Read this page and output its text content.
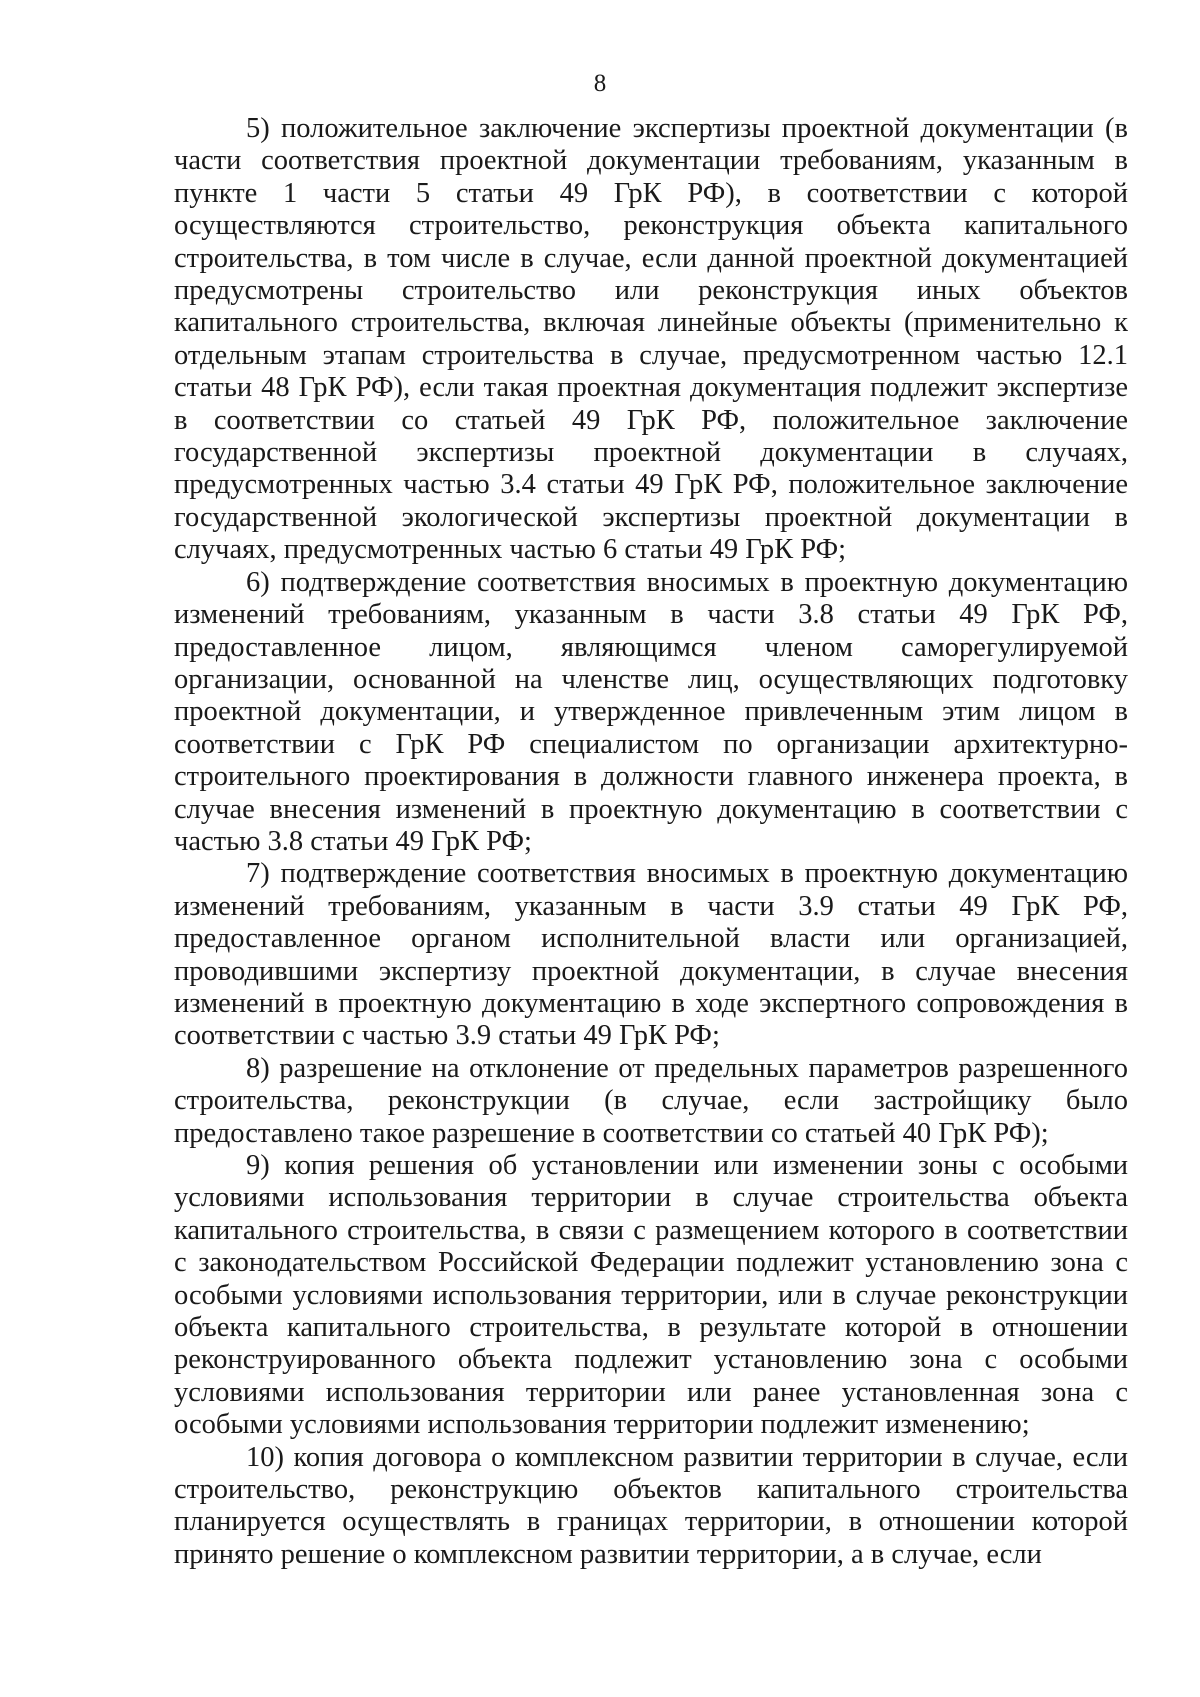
8

5) положительное заключение экспертизы проектной документации (в части соответствия проектной документации требованиям, указанным в пункте 1 части 5 статьи 49 ГрК РФ), в соответствии с которой осуществляются строительство, реконструкция объекта капитального строительства, в том числе в случае, если данной проектной документацией предусмотрены строительство или реконструкция иных объектов капитального строительства, включая линейные объекты (применительно к отдельным этапам строительства в случае, предусмотренном частью 12.1 статьи 48 ГрК РФ), если такая проектная документация подлежит экспертизе в соответствии со статьей 49 ГрК РФ, положительное заключение государственной экспертизы проектной документации в случаях, предусмотренных частью 3.4 статьи 49 ГрК РФ, положительное заключение государственной экологической экспертизы проектной документации в случаях, предусмотренных частью 6 статьи 49 ГрК РФ;

6) подтверждение соответствия вносимых в проектную документацию изменений требованиям, указанным в части 3.8 статьи 49 ГрК РФ, предоставленное лицом, являющимся членом саморегулируемой организации, основанной на членстве лиц, осуществляющих подготовку проектной документации, и утвержденное привлеченным этим лицом в соответствии с ГрК РФ специалистом по организации архитектурно-строительного проектирования в должности главного инженера проекта, в случае внесения изменений в проектную документацию в соответствии с частью 3.8 статьи 49 ГрК РФ;

7) подтверждение соответствия вносимых в проектную документацию изменений требованиям, указанным в части 3.9 статьи 49 ГрК РФ, предоставленное органом исполнительной власти или организацией, проводившими экспертизу проектной документации, в случае внесения изменений в проектную документацию в ходе экспертного сопровождения в соответствии с частью 3.9 статьи 49 ГрК РФ;

8) разрешение на отклонение от предельных параметров разрешенного строительства, реконструкции (в случае, если застройщику было предоставлено такое разрешение в соответствии со статьей 40 ГрК РФ);

9) копия решения об установлении или изменении зоны с особыми условиями использования территории в случае строительства объекта капитального строительства, в связи с размещением которого в соответствии с законодательством Российской Федерации подлежит установлению зона с особыми условиями использования территории, или в случае реконструкции объекта капитального строительства, в результате которой в отношении реконструированного объекта подлежит установлению зона с особыми условиями использования территории или ранее установленная зона с особыми условиями использования территории подлежит изменению;

10) копия договора о комплексном развитии территории в случае, если строительство, реконструкцию объектов капитального строительства планируется осуществлять в границах территории, в отношении которой принято решение о комплексном развитии территории, а в случае, если
